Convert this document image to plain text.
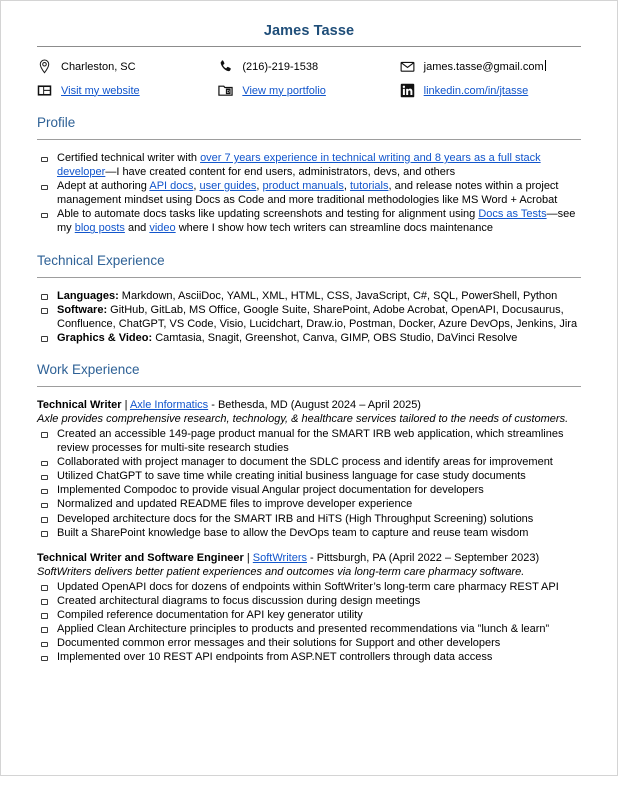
James Tasse
Charleston, SC	(216)-219-1538	james.tasse@gmail.com
Visit my website	D View my portfolio	linkedin.com/in/jtasse
Profile
Certified technical writer with over 7 years experience in technical writing and 8 years as a full stack developer—I have created content for end users, administrators, devs, and others
Adept at authoring API docs, user guides, product manuals, tutorials, and release notes within a project management mindset using Docs as Code and more traditional methodologies like MS Word + Acrobat
Able to automate docs tasks like updating screenshots and testing for alignment using Docs as Tests—see my blog posts and video where I show how tech writers can streamline docs maintenance
Technical Experience
Languages: Markdown, AsciiDoc, YAML, XML, HTML, CSS, JavaScript, C#, SQL, PowerShell, Python
Software: GitHub, GitLab, MS Office, Google Suite, SharePoint, Adobe Acrobat, OpenAPI, Docusaurus, Confluence, ChatGPT, VS Code, Visio, Lucidchart, Draw.io, Postman, Docker, Azure DevOps, Jenkins, Jira
Graphics & Video: Camtasia, Snagit, Greenshot, Canva, GIMP, OBS Studio, DaVinci Resolve
Work Experience
Technical Writer | Axle Informatics - Bethesda, MD (August 2024 – April 2025)
Axle provides comprehensive research, technology, & healthcare services tailored to the needs of customers.
Created an accessible 149-page product manual for the SMART IRB web application, which streamlines review processes for multi-site research studies
Collaborated with project manager to document the SDLC process and identify areas for improvement
Utilized ChatGPT to save time while creating initial business language for case study documents
Implemented Compodoc to provide visual Angular project documentation for developers
Normalized and updated README files to improve developer experience
Developed architecture docs for the SMART IRB and HiTS (High Throughput Screening) solutions
Built a SharePoint knowledge base to allow the DevOps team to capture and reuse team wisdom
Technical Writer and Software Engineer | SoftWriters - Pittsburgh, PA (April 2022 – September 2023)
SoftWriters delivers better patient experiences and outcomes via long-term care pharmacy software.
Updated OpenAPI docs for dozens of endpoints within SoftWriter’s long-term care pharmacy REST API
Created architectural diagrams to focus discussion during design meetings
Compiled reference documentation for API key generator utility
Applied Clean Architecture principles to products and presented recommendations via ”lunch & learn”
Documented common error messages and their solutions for Support and other developers
Implemented over 10 REST API endpoints from ASP.NET controllers through data access
